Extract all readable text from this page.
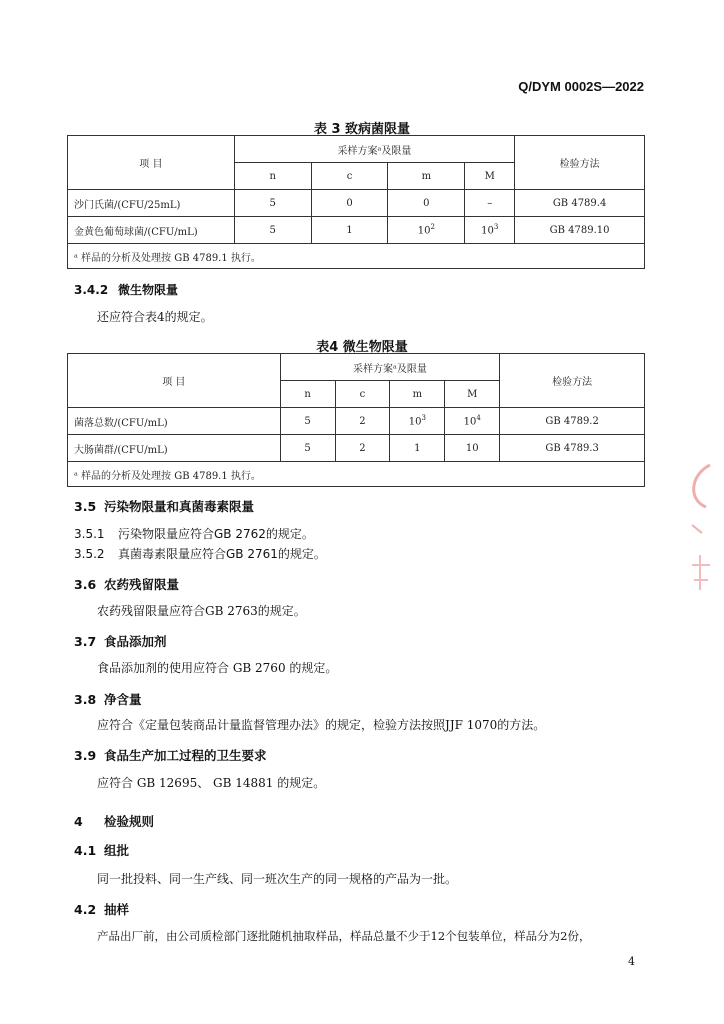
Q/DYM 0002S—2022
表 3 致病菌限量
项 目	采样方案ᵃ及限量				检验方法
	n	c	m	M	
沙门氏菌/(CFU/25mL)	5	0	0	–	GB 4789.4
金黄色葡萄球菌/(CFU/mL)	5	1	$10^2$	$10^3$	GB 4789.10
ᵃ 样品的分析及处理按 GB 4789.1 执行。					
3.4.2 微生物限量
还应符合表4的规定。
表4 微生物限量
项 目	采样方案ᵃ及限量				检验方法
	n	c	m	M	
菌落总数/(CFU/mL)	5	2	$10^3$	$10^4$	GB 4789.2
大肠菌群/(CFU/mL)	5	2	1	10	GB 4789.3
ᵃ 样品的分析及处理按 GB 4789.1 执行。					
3.5 污染物限量和真菌毒素限量
3.5.1 污染物限量应符合GB 2762的规定。
3.5.2 真菌毒素限量应符合GB 2761的规定。
3.6 农药残留限量
农药残留限量应符合GB 2763的规定。
3.7 食品添加剂
食品添加剂的使用应符合 GB 2760 的规定。
3.8 净含量
应符合《定量包装商品计量监督管理办法》的规定，检验方法按照JJF 1070的方法。
3.9 食品生产加工过程的卫生要求
应符合 GB 12695、 GB 14881 的规定。
4 检验规则
4.1 组批
同一批投料、同一生产线、同一班次生产的同一规格的产品为一批。
4.2 抽样
产品出厂前，由公司质检部门逐批随机抽取样品，样品总量不少于12个包装单位，样品分为2份，
4
